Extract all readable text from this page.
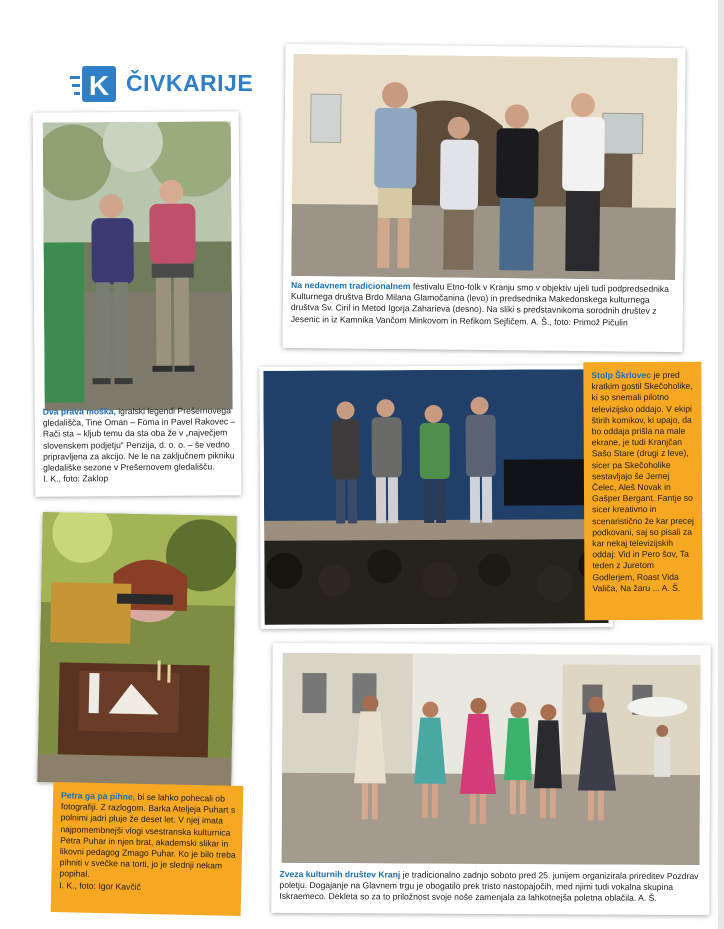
K ČIVKARIJE
Dva prava moška, igralski legendi Prešernovega gledališča, Tine Oman – Foma in Pavel Rakovec – Rači sta – kljub temu da sta oba že v „največjem slovenskem podjetju“ Penzija, d. o. o. – še vedno pripravljena za akcijo. Ne le na zaključnem pikniku gledališke sezone v Prešernovem gledališču.
I. K., foto: Zaklop
Na nedavnem tradicionalnem festivalu Etno-folk v Kranju smo v objektiv ujeli tudi podpredsednika Kulturnega društva Brdo Milana Glamočanina (levo) in predsednika Makedonskega kulturnega društva Sv. Ciril in Metod Igorja Zaharieva (desno). Na sliki s predstavnikoma sorodnih društev z Jesenic in iz Kamnika Vančom Minkovom in Refikom Sejfičem. A. Š., foto: Primož Pičulin
Stolp Škrlovec je pred kratkim gostil Skečoholike, ki so snemali pilotno televizijsko oddajo. V ekipi štirih komikov, ki upajo, da bo oddaja prišla na male ekrane, je tudi Kranjčan Sašo Stare (drugi z leve), sicer pa Skečoholike sestavljajo še Jernej Čelec, Aleš Novak in Gašper Bergant. Fantje so sicer kreativno in scenaristično že kar precej podkovani, saj so pisali za kar nekaj televizijskih oddaj: Vid in Pero šov, Ta teden z Juretom Godlerjem, Roast Vida Valiča, Na žaru ... A. Š.
Petra ga pa pihne, bi se lahko pohecali ob fotografiji. Z razlogom. Barka Ateljeja Puhart s polnimi jadri pluje že deset let. V njej imata najpomembnejši vlogi vsestranska kulturnica Petra Puhar in njen brat, akademski slikar in likovni pedagog Zmago Puhar. Ko je bilo treba pihniti v svečke na torti, jo je slednji nekam popihal.
I. K., foto: Igor Kavčič
Zveza kulturnih društev Kranj je tradicionalno zadnjo soboto pred 25. junijem organizirala prireditev Pozdrav poletju. Dogajanje na Glavnem trgu je obogatilo prek tristo nastopajočih, med njimi tudi vokalna skupina Iskraemeco. Dekleta so za to priložnost svoje noše zamenjala za lahkotnejša poletna oblačila. A. Š.
